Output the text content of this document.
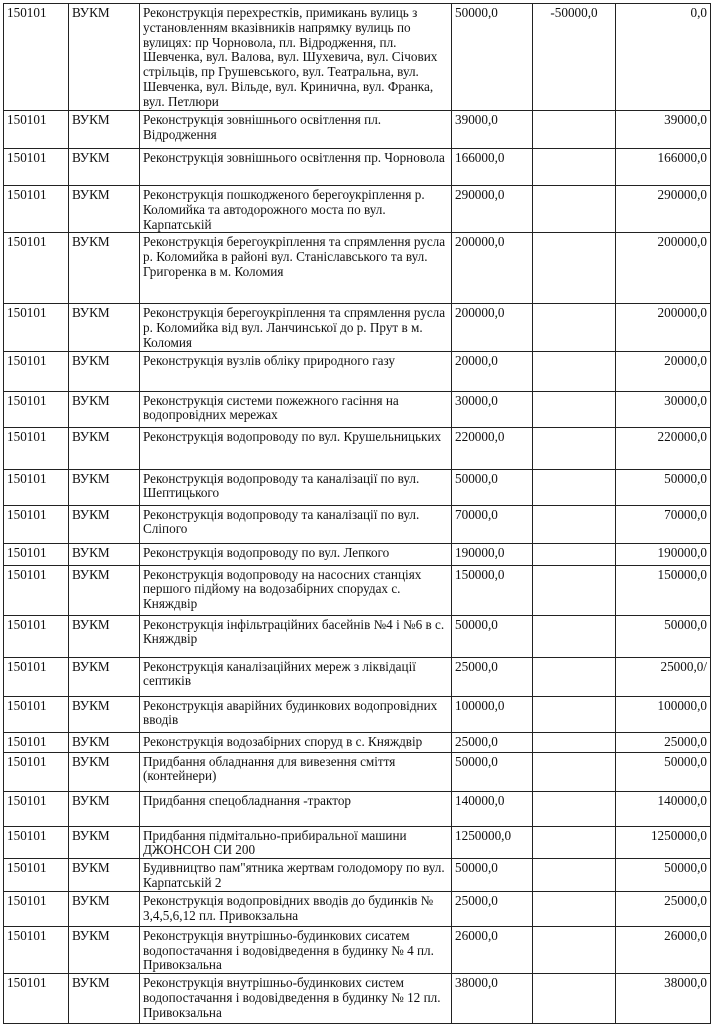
150101	ВУКМ	Реконструкція перехрестків, примикань вулиць з установленням вказівників напрямку вулиць по вулицях: пр Чорновола, пл. Відродження, пл. Шевченка, вул. Валова, вул. Шухевича, вул. Січових стрільців, пр Грушевського, вул. Театральна, вул. Шевченка, вул. Вільде, вул. Кринична, вул. Франка, вул. Петлюри	50000,0	-50000,0	0,0
150101	ВУКМ	Реконструкція зовнішнього освітлення пл. Відродження	39000,0		39000,0
150101	ВУКМ	Реконструкція зовнішнього освітлення пр. Чорновола	166000,0		166000,0
150101	ВУКМ	Реконструкція пошкодженого берегоукріплення р. Коломийка та автодорожного моста по вул. Карпатській	290000,0		290000,0
150101	ВУКМ	Реконструкція берегоукріплення та спрямлення русла р. Коломийка в районі вул. Станіславського та вул. Григоренка в м. Коломия	200000,0		200000,0
150101	ВУКМ	Реконструкція берегоукріплення та спрямлення русла р. Коломийка від вул. Ланчинської до р. Прут в м. Коломия	200000,0		200000,0
150101	ВУКМ	Реконструкція вузлів обліку природного газу	20000,0		20000,0
150101	ВУКМ	Реконструкція системи пожежного гасіння на водопровідних мережах	30000,0		30000,0
150101	ВУКМ	Реконструкція водопроводу по вул. Крушельницьких	220000,0		220000,0
150101	ВУКМ	Реконструкція водопроводу та каналізації по вул. Шептицького	50000,0		50000,0
150101	ВУКМ	Реконструкція водопроводу та каналізації по вул. Сліпого	70000,0		70000,0
150101	ВУКМ	Реконструкція водопроводу по вул. Лепкого	190000,0		190000,0
150101	ВУКМ	Реконструкція водопроводу на насосних станціях першого підйому на водозабірних спорудах с. Княждвір	150000,0		150000,0
150101	ВУКМ	Реконструкція інфільтраційних басейнів №4 і №6 в с. Княждвір	50000,0		50000,0
150101	ВУКМ	Реконструкція каналізаційних мереж з ліквідації септиків	25000,0		25000,0/
150101	ВУКМ	Реконструкція аварійних будинкових водопровідних вводів	100000,0		100000,0
150101	ВУКМ	Реконструкція водозабірних споруд в с. Княждвір	25000,0		25000,0
150101	ВУКМ	Придбання обладнання для вивезення сміття (контейнери)	50000,0		50000,0
150101	ВУКМ	Придбання спецобладнання -трактор	140000,0		140000,0
150101	ВУКМ	Придбання підмітально-прибиральної машини ДЖОНСОН СИ 200	1250000,0		1250000,0
150101	ВУКМ	Будивництво пам"ятника жертвам голодомору по вул. Карпатській 2	50000,0		50000,0
150101	ВУКМ	Реконструкція водопровідних вводів до будинків № 3,4,5,6,12 пл. Привокзальна	25000,0		25000,0
150101	ВУКМ	Реконструкція внутрішньо-будинкових сисатем водопостачання і водовідведення в будинку № 4 пл. Привокзальна	26000,0		26000,0
150101	ВУКМ	Реконструкція внутрішньо-будинкових систем водопостачання і водовідведення в будинку № 12 пл. Привокзальна	38000,0		38000,0
